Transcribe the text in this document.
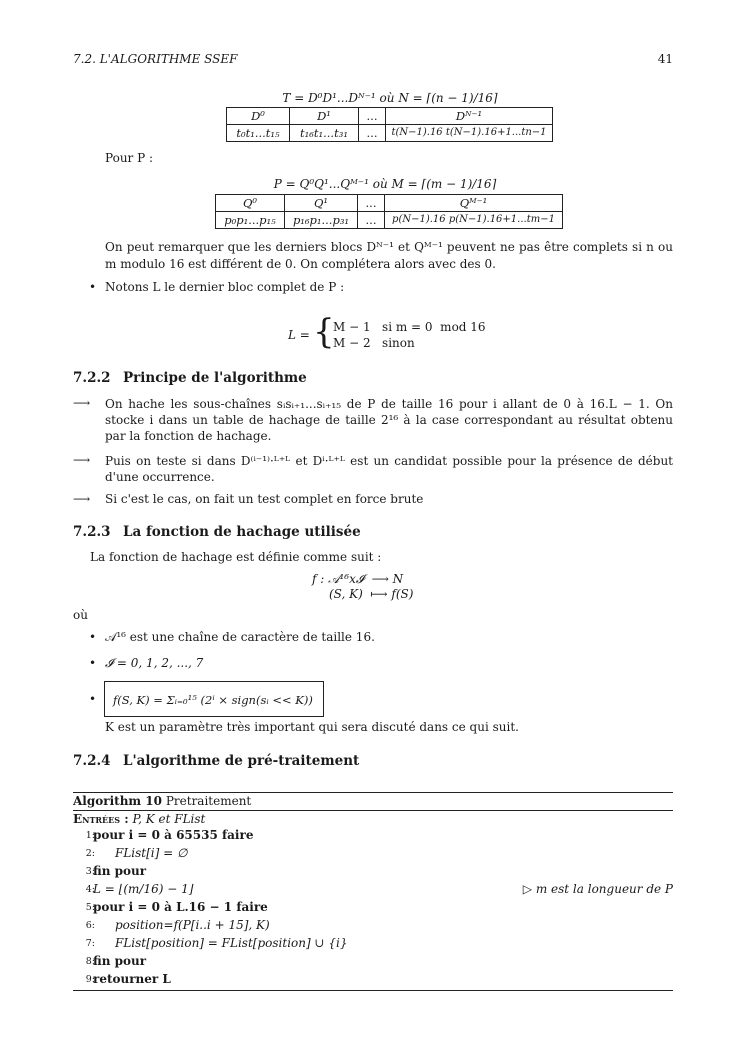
7.2. L'ALGORITHME SSEF	41
T = D⁰D¹...Dᴺ⁻¹ où N = ⌈(n − 1)/16⌉
D⁰	D¹	...	Dᴺ⁻¹
t₀t₁...t₁₅	t₁₆t₁...t₃₁	...	t(N−1).16 t(N−1).16+1...tn−1
Pour P :
P = Q⁰Q¹...Qᴹ⁻¹ où M = ⌈(m − 1)/16⌉
Q⁰	Q¹	...	Qᴹ⁻¹
p₀p₁...p₁₅	p₁₆p₁...p₃₁	...	p(N−1).16 p(N−1).16+1...tm−1
On peut remarquer que les derniers blocs Dᴺ⁻¹ et Qᴹ⁻¹ peuvent ne pas être complets si n ou m modulo 16 est différent de 0. On complétera alors avec des 0.
• Notons L le dernier bloc complet de P :
L = {
M − 1   si m = 0  mod 16
M − 2   sinon
7.2.2 Principe de l'algorithme
⟶ On hache les sous-chaînes sᵢsᵢ₊₁...sᵢ₊₁₅ de P de taille 16 pour i allant de 0 à 16.L − 1. On stocke i dans un table de hachage de taille 2¹⁶ à la case correspondant au résultat obtenu par la fonction de hachage.
⟶ Puis on teste si dans D⁽ⁱ⁻¹⁾·ᴸ⁺ᴸ et Dⁱ·ᴸ⁺ᴸ est un candidat possible pour la présence de début d'une occurrence.
⟶ Si c'est le cas, on fait un test complet en force brute
7.2.3 La fonction de hachage utilisée
La fonction de hachage est définie comme suit :
f : 𝒜¹⁶x𝓘  ⟶ N
(S, K)  ⟼ f(S)
où
• 𝒜¹⁶ est une chaîne de caractère de taille 16.
• 𝓘 = 0, 1, 2, ..., 7
•	f(S, K) = Σᵢ₌₀¹⁵ (2ⁱ × sign(sᵢ << K))
K est un paramètre très important qui sera discuté dans ce qui suit.
7.2.4 L'algorithme de pré-traitement
Algorithm 10 Pretraitement
Entrées : P, K et FList
1:
pour i = 0 à 65535 faire
2: FList[i] = ∅
3:
fin pour
4:
L = ⌊(m/16) − 1⌋	▷ m est la longueur de P
5:
pour i = 0 à L.16 − 1 faire
6: position=f(P[i..i + 15], K)
7: FList[position] = FList[position] ∪ {i}
8:
fin pour
9:
retourner L
